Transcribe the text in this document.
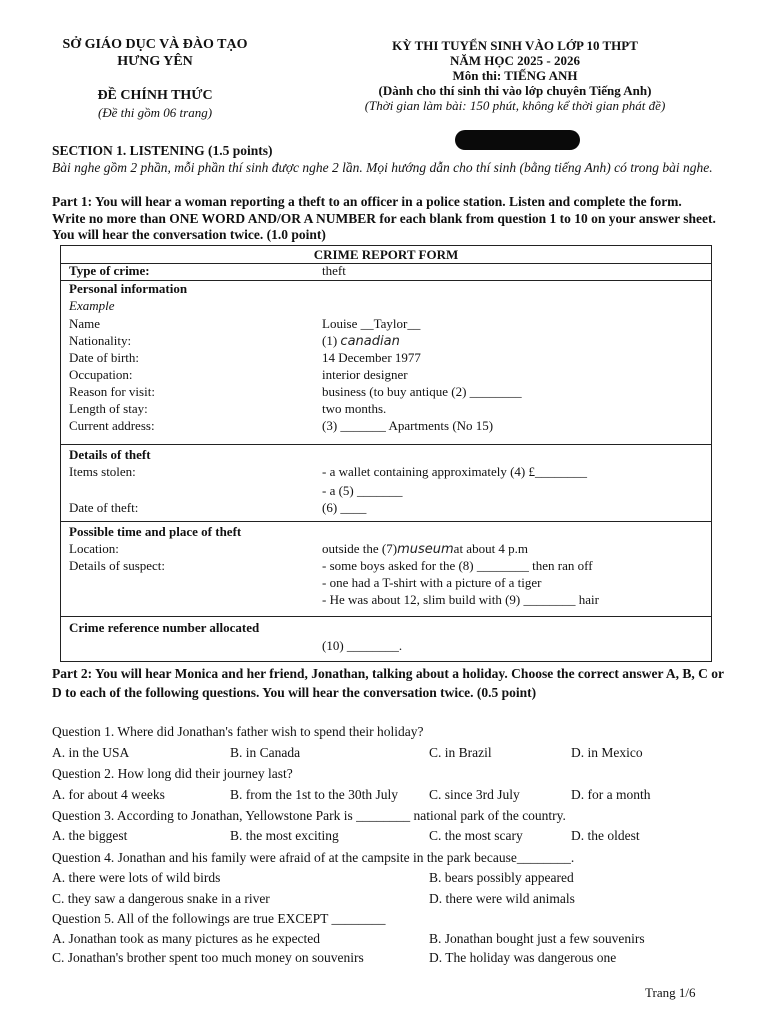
SỞ GIÁO DỤC VÀ ĐÀO TẠO
HƯNG YÊN
ĐỀ CHÍNH THỨC
(Đề thi gồm 06 trang)
KỲ THI TUYỂN SINH VÀO LỚP 10 THPT
NĂM HỌC 2025 - 2026
Môn thi: TIẾNG ANH
(Dành cho thí sinh thi vào lớp chuyên Tiếng Anh)
(Thời gian làm bài: 150 phút, không kể thời gian phát đề)
SECTION 1. LISTENING (1.5 points)
Bài nghe gồm 2 phần, mỗi phần thí sinh được nghe 2 lần. Mọi hướng dẫn cho thí sinh (bằng tiếng Anh) có trong bài nghe.
Part 1: You will hear a woman reporting a theft to an officer in a police station. Listen and complete the form. Write no more than ONE WORD AND/OR A NUMBER for each blank from question 1 to 10 on your answer sheet. You will hear the conversation twice. (1.0 point)
CRIME REPORT FORM
Type of crime:	theft
Personal information
Example
Name	Louise __Taylor__
Nationality:	(1) canadian
Date of birth:	14 December 1977
Occupation:	interior designer
Reason for visit:	business (to buy antique (2) ________
Length of stay:	two months.
Current address:	(3) _______ Apartments (No 15)
Details of theft
Items stolen:	- a wallet containing approximately (4) £________
- a (5) _______
Date of theft:	(6) ____
Possible time and place of theft
Location:	outside the (7)museumat about 4 p.m
Details of suspect:	- some boys asked for the (8) ________ then ran off
- one had a T-shirt with a picture of a tiger
- He was about 12, slim build with (9) ________ hair
Crime reference number allocated
(10) ________.
Part 2: You will hear Monica and her friend, Jonathan, talking about a holiday. Choose the correct answer A, B, C or D to each of the following questions. You will hear the conversation twice. (0.5 point)
Question 1. Where did Jonathan's father wish to spend their holiday?
A. in the USA	B. in Canada	C. in Brazil	D. in Mexico
Question 2. How long did their journey last?
A. for about 4 weeks	B. from the 1st to the 30th July C. since 3rd July	D. for a month
Question 3. According to Jonathan, Yellowstone Park is ________ national park of the country.
A. the biggest	B. the most exciting	C. the most scary	D. the oldest
Question 4. Jonathan and his family were afraid of at the campsite in the park because________.
A. there were lots of wild birds	B. bears possibly appeared
C. they saw a dangerous snake in a river	D. there were wild animals
Question 5. All of the followings are true EXCEPT ________
A. Jonathan took as many pictures as he expected	B. Jonathan bought just a few souvenirs
C. Jonathan's brother spent too much money on souvenirs	D. The holiday was dangerous one
Trang 1/6
